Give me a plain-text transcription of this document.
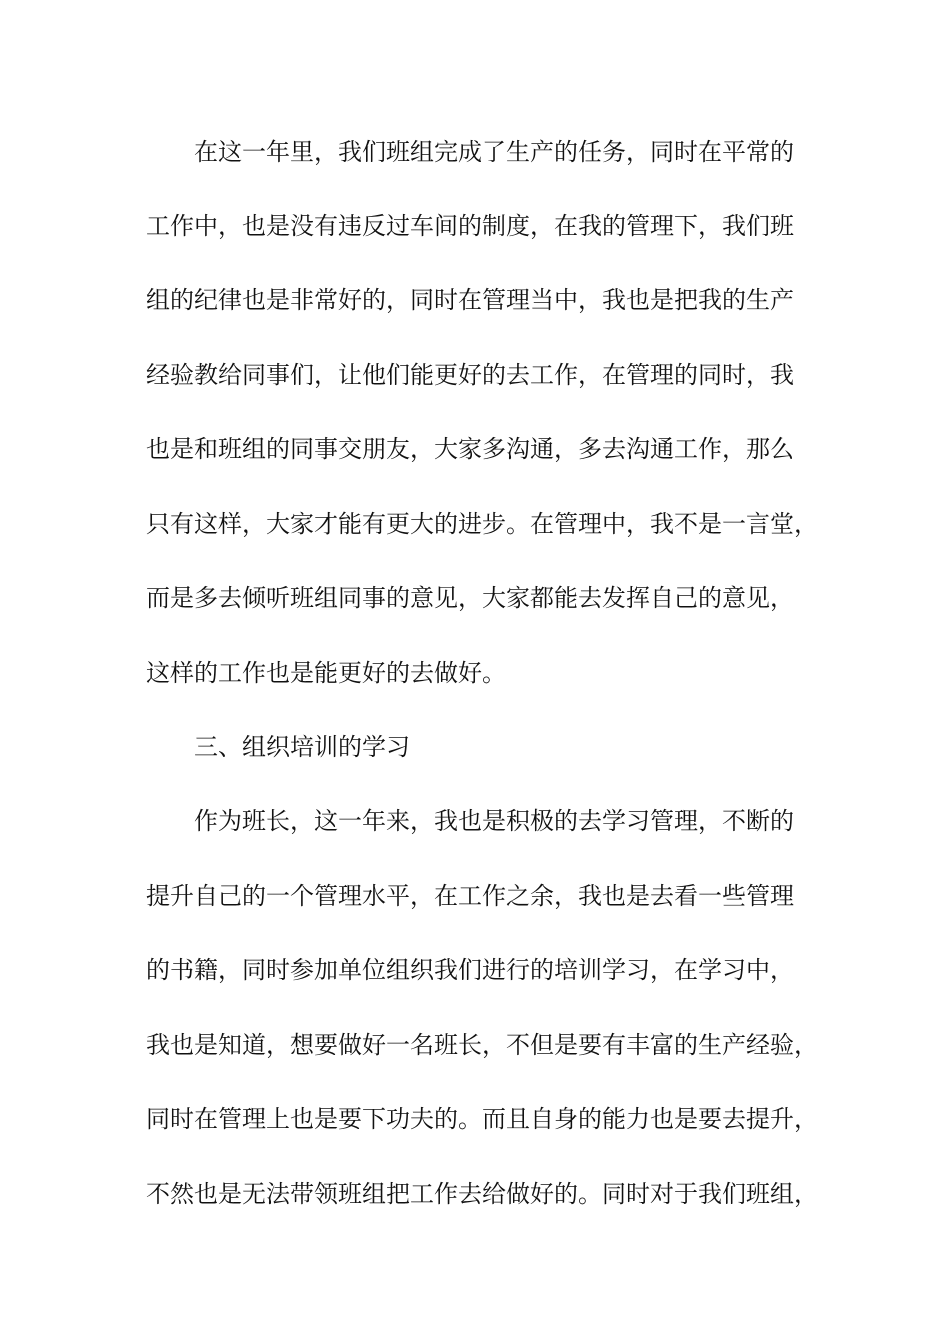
在这一年里，我们班组完成了生产的任务，同时在平常的
工作中，也是没有违反过车间的制度，在我的管理下，我们班
组的纪律也是非常好的，同时在管理当中，我也是把我的生产
经验教给同事们，让他们能更好的去工作，在管理的同时，我
也是和班组的同事交朋友，大家多沟通，多去沟通工作，那么
只有这样，大家才能有更大的进步。在管理中，我不是一言堂，
而是多去倾听班组同事的意见，大家都能去发挥自己的意见，
这样的工作也是能更好的去做好。
三、组织培训的学习
作为班长，这一年来，我也是积极的去学习管理，不断的
提升自己的一个管理水平，在工作之余，我也是去看一些管理
的书籍，同时参加单位组织我们进行的培训学习，在学习中，
我也是知道，想要做好一名班长，不但是要有丰富的生产经验，
同时在管理上也是要下功夫的。而且自身的能力也是要去提升，
不然也是无法带领班组把工作去给做好的。同时对于我们班组，
